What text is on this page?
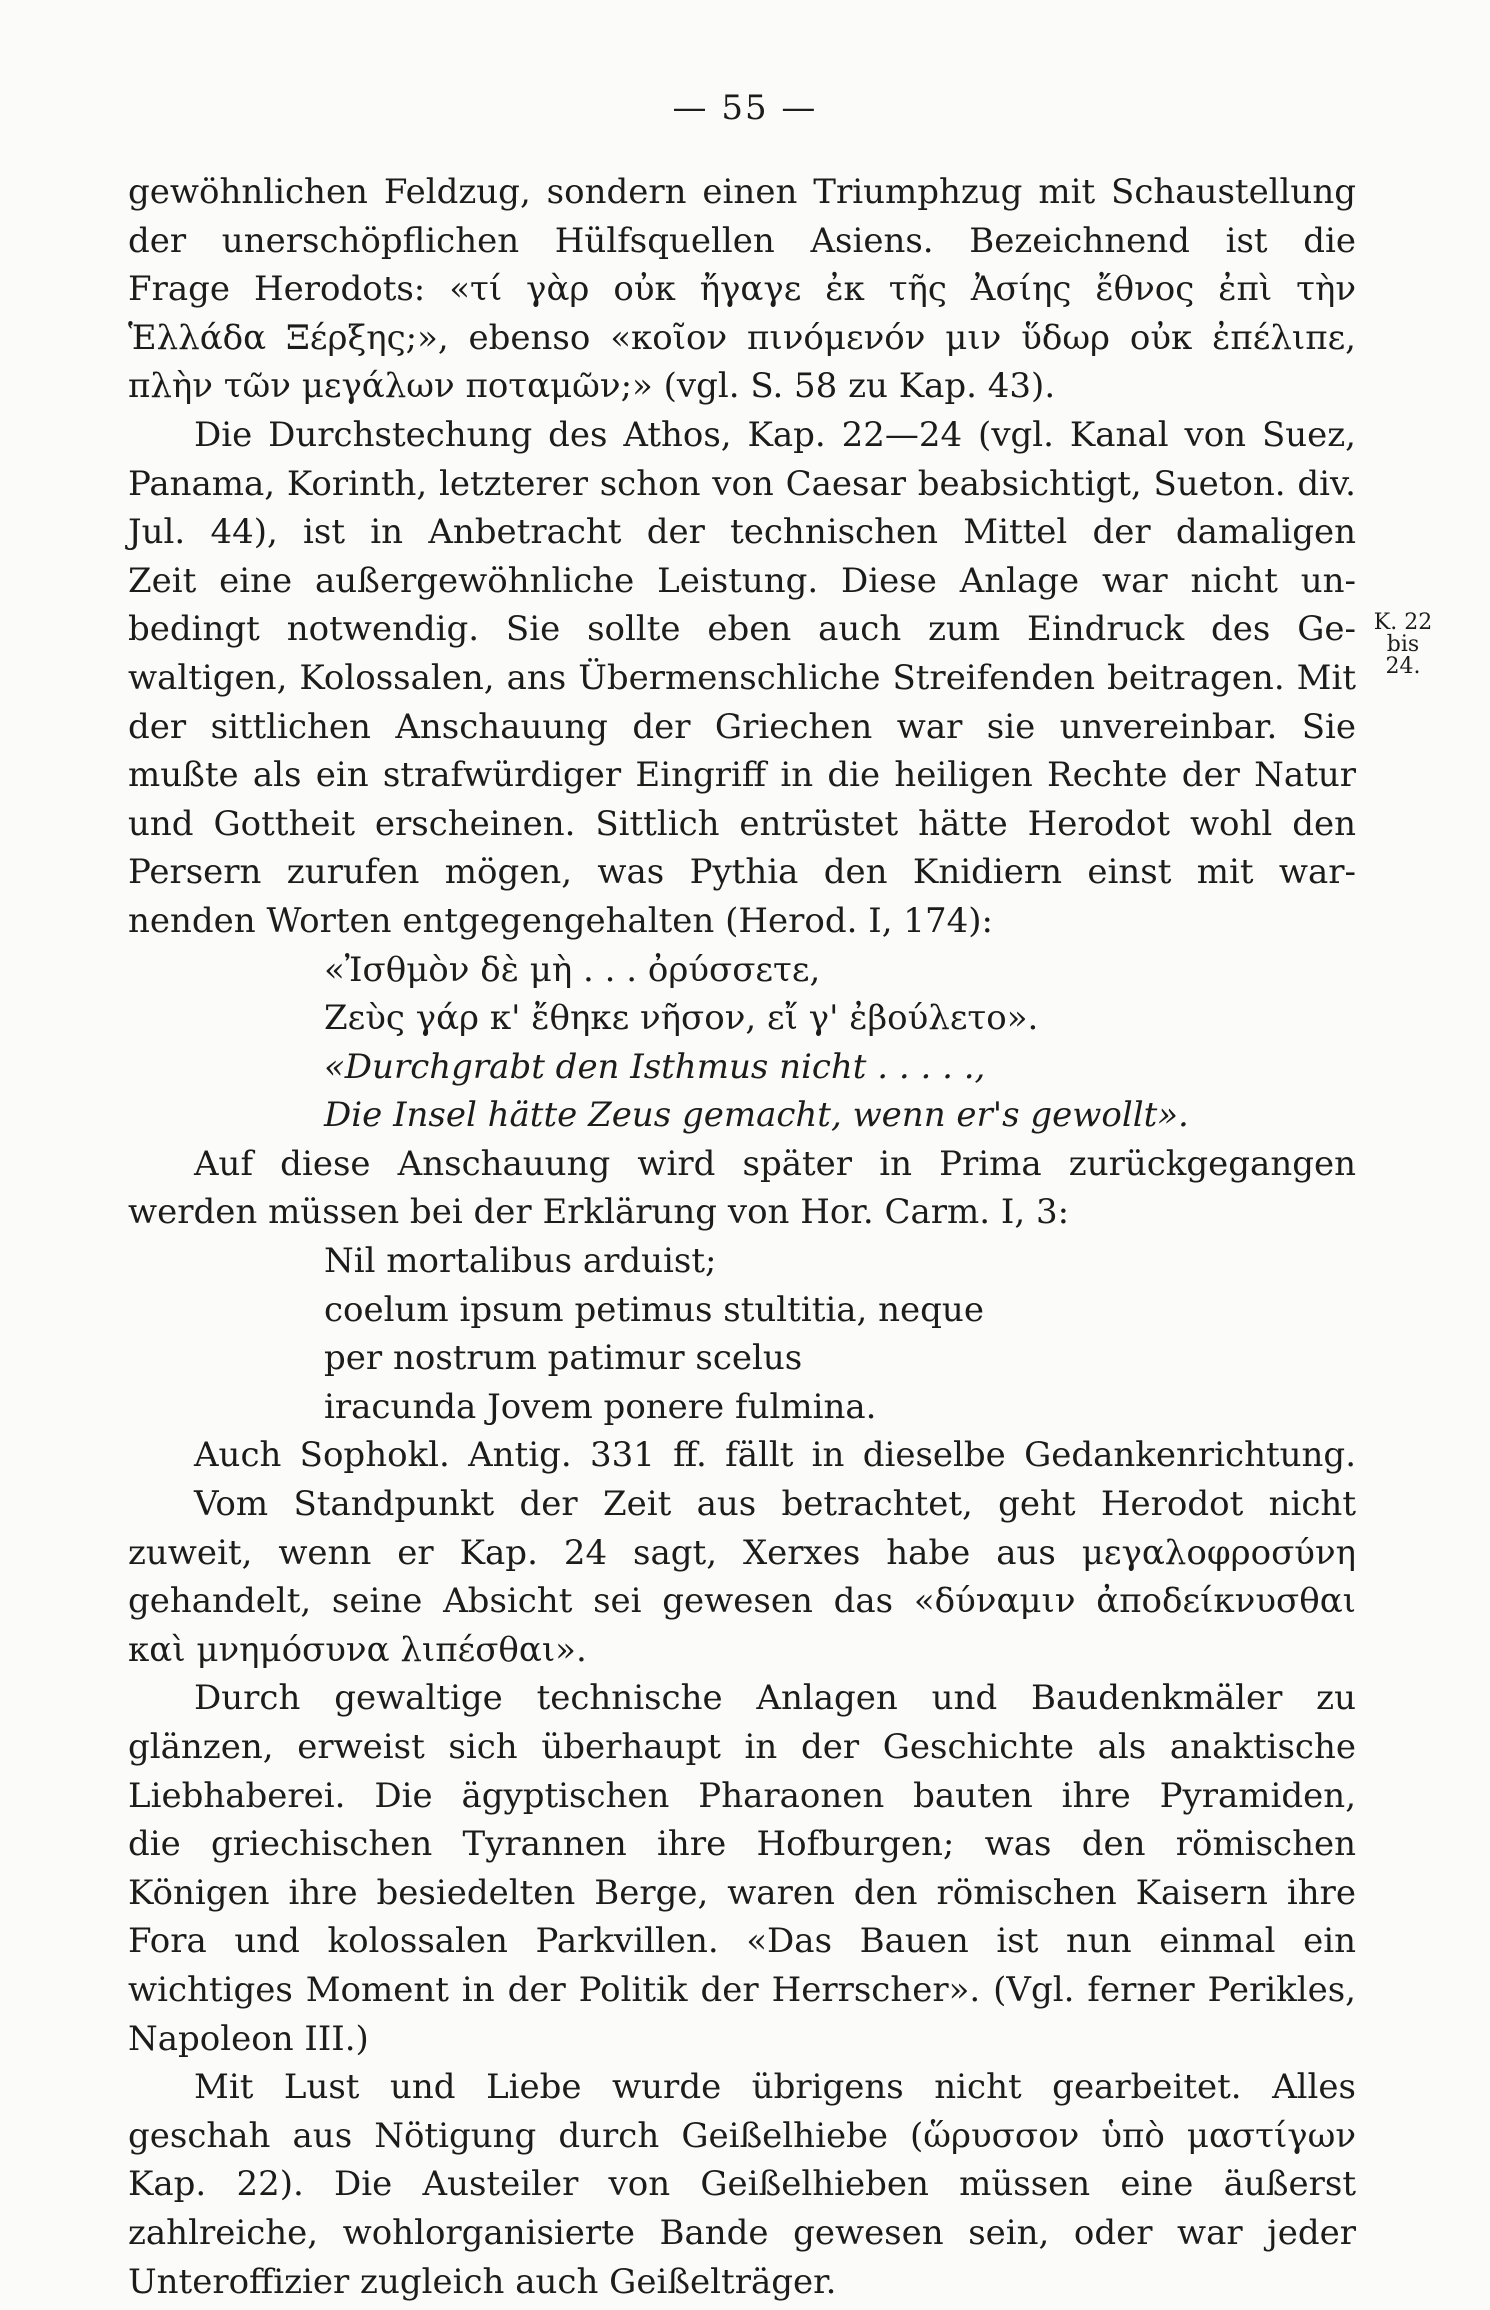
— 55 —
K. 22
bis 24.
gewöhnlichen Feldzug, sondern einen Triumphzug mit Schaustellung
der unerschöpflichen Hülfsquellen Asiens. Bezeichnend ist die
Frage Herodots: «τί γὰρ οὐκ ἤγαγε ἐκ τῆς Ἀσίης ἔθνος ἐπὶ τὴν
Ἑλλάδα Ξέρξης;», ebenso «κοῖον πινόμενόν μιν ὕδωρ οὐκ ἐπέλιπε,
πλὴν τῶν μεγάλων ποταμῶν;» (vgl. S. 58 zu Kap. 43).
Die Durchstechung des Athos, Kap. 22—24 (vgl. Kanal von Suez,
Panama, Korinth, letzterer schon von Caesar beabsichtigt, Sueton. div.
Jul. 44), ist in Anbetracht der technischen Mittel der damaligen
Zeit eine außergewöhnliche Leistung. Diese Anlage war nicht un-
bedingt notwendig. Sie sollte eben auch zum Eindruck des Ge-
waltigen, Kolossalen, ans Übermenschliche Streifenden beitragen. Mit
der sittlichen Anschauung der Griechen war sie unvereinbar. Sie
mußte als ein strafwürdiger Eingriff in die heiligen Rechte der Natur
und Gottheit erscheinen. Sittlich entrüstet hätte Herodot wohl den
Persern zurufen mögen, was Pythia den Knidiern einst mit war-
nenden Worten entgegengehalten (Herod. I, 174):
«Ἰσθμὸν δὲ μὴ . . . ὀρύσσετε,
Ζεὺς γάρ κ' ἔθηκε νῆσον, εἴ γ' ἐβούλετο».
«Durchgrabt den Isthmus nicht . . . . .,
Die Insel hätte Zeus gemacht, wenn er's gewollt».
Auf diese Anschauung wird später in Prima zurückgegangen
werden müssen bei der Erklärung von Hor. Carm. I, 3:
Nil mortalibus arduist;
coelum ipsum petimus stultitia, neque
per nostrum patimur scelus
iracunda Jovem ponere fulmina.
Auch Sophokl. Antig. 331 ff. fällt in dieselbe Gedankenrichtung.
Vom Standpunkt der Zeit aus betrachtet, geht Herodot nicht
zuweit, wenn er Kap. 24 sagt, Xerxes habe aus μεγαλοφροσύνη
gehandelt, seine Absicht sei gewesen das «δύναμιν ἀποδείκνυσθαι
καὶ μνημόσυνα λιπέσθαι».
Durch gewaltige technische Anlagen und Baudenkmäler zu
glänzen, erweist sich überhaupt in der Geschichte als anaktische
Liebhaberei. Die ägyptischen Pharaonen bauten ihre Pyramiden,
die griechischen Tyrannen ihre Hofburgen; was den römischen
Königen ihre besiedelten Berge, waren den römischen Kaisern ihre
Fora und kolossalen Parkvillen. «Das Bauen ist nun einmal ein
wichtiges Moment in der Politik der Herrscher». (Vgl. ferner Perikles,
Napoleon III.)
Mit Lust und Liebe wurde übrigens nicht gearbeitet. Alles
geschah aus Nötigung durch Geißelhiebe (ὥρυσσον ὑπὸ μαστίγων
Kap. 22). Die Austeiler von Geißelhieben müssen eine äußerst
zahlreiche, wohlorganisierte Bande gewesen sein, oder war jeder
Unteroffizier zugleich auch Geißelträger.
